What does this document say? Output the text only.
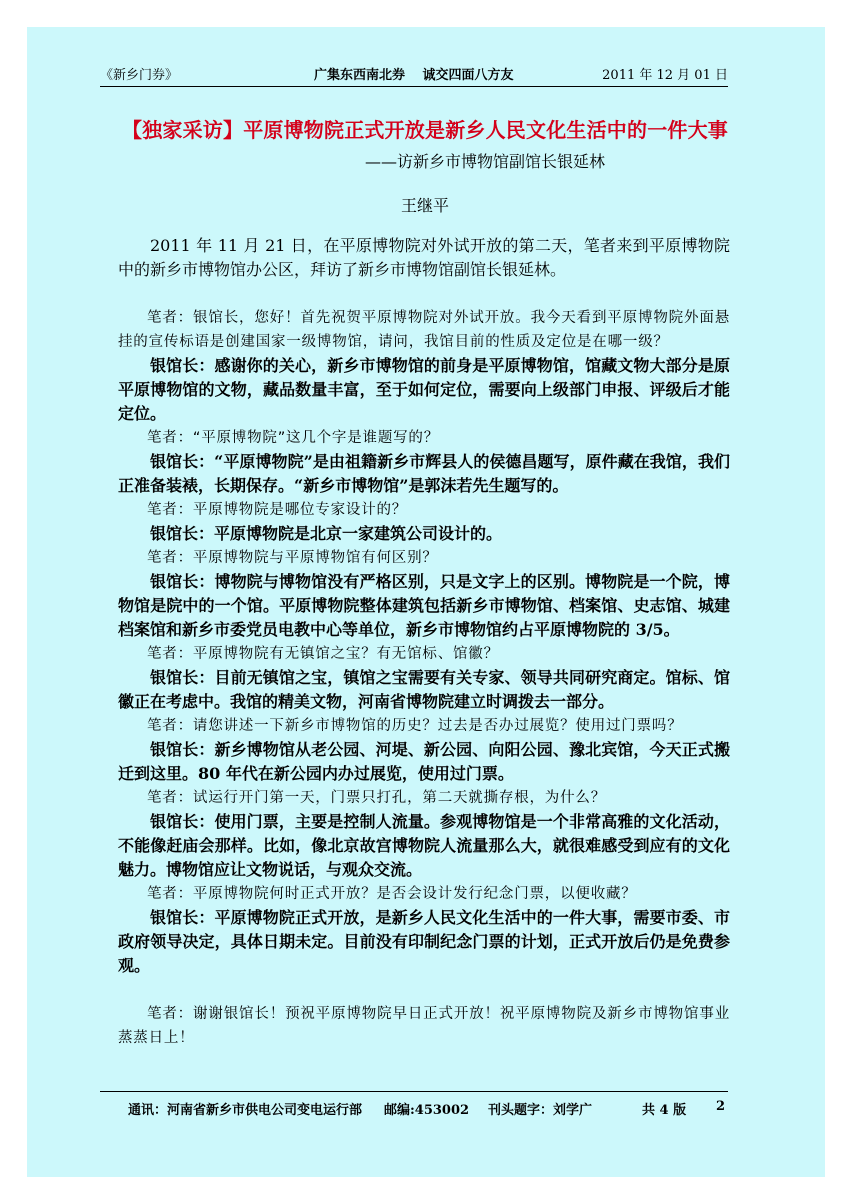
《新乡门券》	广集东西南北券　 诚交四面八方友	2011 年 12 月 01 日
【独家采访】平原博物院正式开放是新乡人民文化生活中的一件大事
——访新乡市博物馆副馆长银延林
王继平

2011 年 11 月 21 日，在平原博物院对外试开放的第二天，笔者来到平原博物院中的新乡市博物馆办公区，拜访了新乡市博物馆副馆长银延林。

笔者：银馆长，您好！首先祝贺平原博物院对外试开放。我今天看到平原博物院外面悬挂的宣传标语是创建国家一级博物馆，请问，我馆目前的性质及定位是在哪一级？

银馆长：感谢你的关心，新乡市博物馆的前身是平原博物馆，馆藏文物大部分是原平原博物馆的文物，藏品数量丰富，至于如何定位，需要向上级部门申报、评级后才能定位。

笔者：“平原博物院”这几个字是谁题写的？

银馆长：“平原博物院”是由祖籍新乡市辉县人的侯德昌题写，原件藏在我馆，我们正准备装裱，长期保存。“新乡市博物馆”是郭沫若先生题写的。

笔者：平原博物院是哪位专家设计的？

银馆长：平原博物院是北京一家建筑公司设计的。

笔者：平原博物院与平原博物馆有何区别？

银馆长：博物院与博物馆没有严格区别，只是文字上的区别。博物院是一个院，博物馆是院中的一个馆。平原博物院整体建筑包括新乡市博物馆、档案馆、史志馆、城建档案馆和新乡市委党员电教中心等单位，新乡市博物馆约占平原博物院的 3/5。

笔者：平原博物院有无镇馆之宝？有无馆标、馆徽？

银馆长：目前无镇馆之宝，镇馆之宝需要有关专家、领导共同研究商定。馆标、馆徽正在考虑中。我馆的精美文物，河南省博物院建立时调拨去一部分。

笔者：请您讲述一下新乡市博物馆的历史？过去是否办过展览？使用过门票吗？

银馆长：新乡博物馆从老公园、河堤、新公园、向阳公园、豫北宾馆，今天正式搬迁到这里。80 年代在新公园内办过展览，使用过门票。

笔者：试运行开门第一天，门票只打孔，第二天就撕存根，为什么？

银馆长：使用门票，主要是控制人流量。参观博物馆是一个非常高雅的文化活动，不能像赶庙会那样。比如，像北京故宫博物院人流量那么大，就很难感受到应有的文化魅力。博物馆应让文物说话，与观众交流。

笔者：平原博物院何时正式开放？是否会设计发行纪念门票，以便收藏？

银馆长：平原博物院正式开放，是新乡人民文化生活中的一件大事，需要市委、市政府领导决定，具体日期未定。目前没有印制纪念门票的计划，正式开放后仍是免费参观。

笔者：谢谢银馆长！预祝平原博物院早日正式开放！祝平原博物院及新乡市博物馆事业蒸蒸日上！

通讯：河南省新乡市供电公司变电运行部 邮编:453002 刊头题字：刘学广	共 4 版 2
